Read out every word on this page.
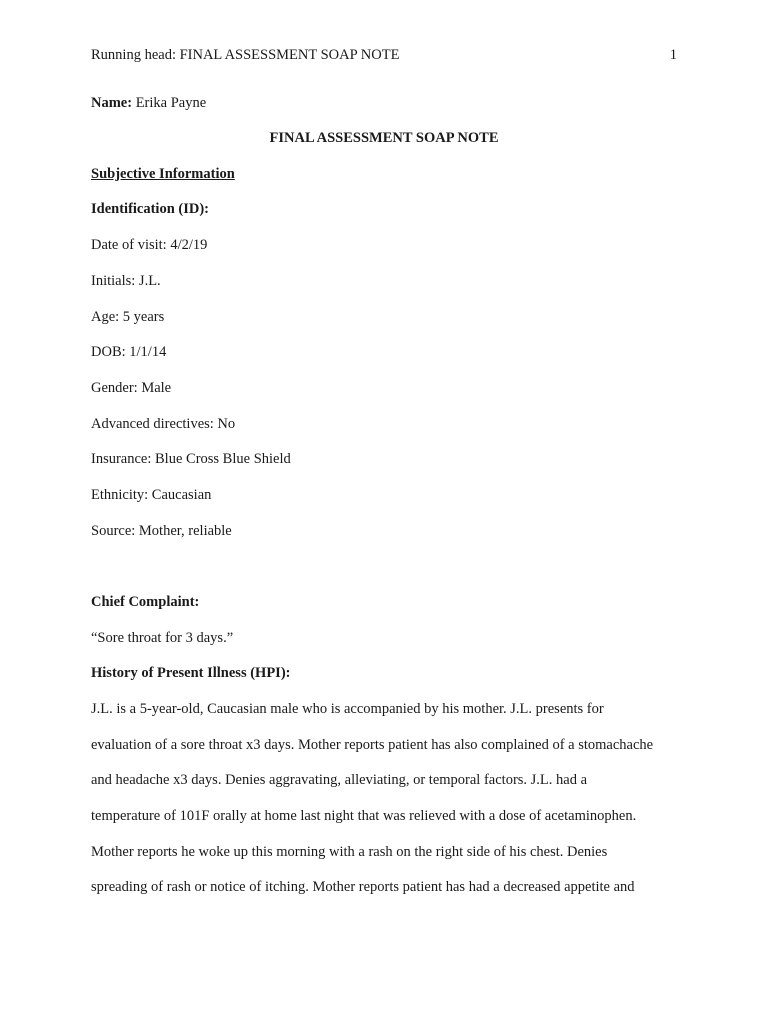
Running head: FINAL ASSESSMENT SOAP NOTE	1
Name: Erika Payne
FINAL ASSESSMENT SOAP NOTE
Subjective Information
Identification (ID):
Date of visit: 4/2/19
Initials: J.L.
Age: 5 years
DOB: 1/1/14
Gender: Male
Advanced directives: No
Insurance: Blue Cross Blue Shield
Ethnicity: Caucasian
Source: Mother, reliable
Chief Complaint:
“Sore throat for 3 days.”
History of Present Illness (HPI):
J.L. is a 5-year-old, Caucasian male who is accompanied by his mother. J.L. presents for
evaluation of a sore throat x3 days. Mother reports patient has also complained of a stomachache
and headache x3 days. Denies aggravating, alleviating, or temporal factors. J.L. had a
temperature of 101F orally at home last night that was relieved with a dose of acetaminophen.
Mother reports he woke up this morning with a rash on the right side of his chest. Denies
spreading of rash or notice of itching. Mother reports patient has had a decreased appetite and
